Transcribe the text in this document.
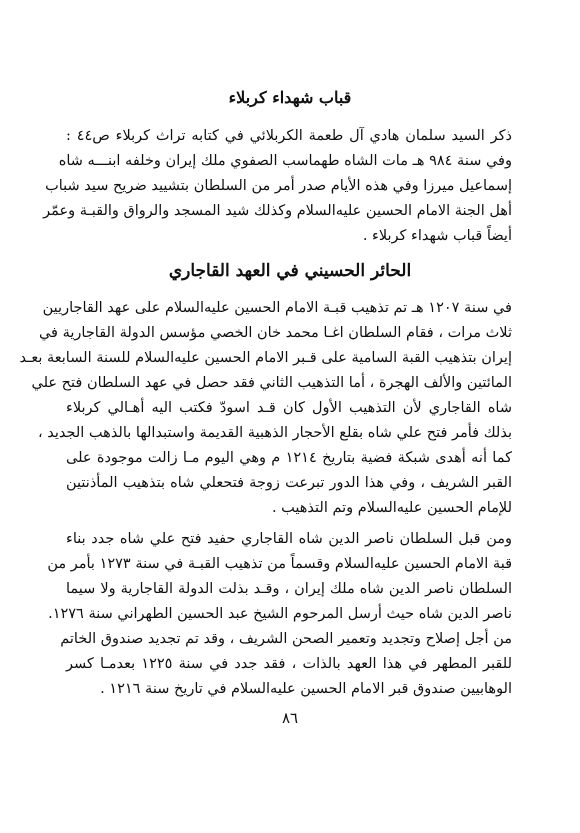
قباب شهداء كربلاء
ذكر السيد سلمان هادي آل طعمة الكربلائي في كتابه تراث كربلاء ص٤٤ :
وفي سنة ٩٨٤ هـ مات الشاه طهماسب الصفوي ملك إيران وخلفه ابنـــه شاه
إسماعيل ميرزا وفي هذه الأيام صدر أمر من السلطان بتشييد ضريح سيد شباب
أهل الجنة الامام الحسين عليه‌السلام وكذلك شيد المسجد والرواق والقبـة وعمّر
أيضاً قباب شهداء كربلاء .
الحائر الحسيني في العهد القاجاري
في سنة ١٢٠٧ هـ تم تذهيب قبـة الامام الحسين عليه‌السلام على عهد القاجاريين
ثلاث مرات ، فقام السلطان اغـا محمد خان الخصي مؤسس الدولة القاجارية في
إيران بتذهيب القبة السامية على قـبر الامام الحسين عليه‌السلام للسنة السابعة بعـد
المائتين والألف الهجرة ، أما التذهيب الثاني فقد حصل في عهد السلطان فتح علي
شاه القاجاري لأن التذهيب الأول كان قـد اسودّ فكتب اليه أهـالي كربلاء
بذلك فأمر فتح علي شاه بقلع الأحجار الذهبية القديمة واستبدالها بالذهب الجديد ،
كما أنه أهدى شبكة فضية بتاريخ ١٢١٤ م وهي اليوم مـا زالت موجودة على
القبر الشريف ، وفي هذا الدور تبرعت زوجة فتحعلي شاه بتذهيب المأذنتين
للإمام الحسين عليه‌السلام وتم التذهيب .
ومن قبل السلطان ناصر الدين شاه القاجاري حفيد فتح علي شاه جدد بناء
قبة الامام الحسين عليه‌السلام وقسماً من تذهيب القبـة في سنة ١٢٧٣ بأمر من
السلطان ناصر الدين شاه ملك إيران ، وقـد بذلت الدولة القاجارية ولا سيما
ناصر الدين شاه حيث أرسل المرحوم الشيخ عبد الحسين الطهراني سنة ١٢٧٦.
من أجل إصلاح وتجديد وتعمير الصحن الشريف ، وقد تم تجديد صندوق الخاتم
للقبر المطهر في هذا العهد بالذات ، فقد جدد في سنة ١٢٢٥ بعدمـا كسر
الوهابيين صندوق قبر الامام الحسين عليه‌السلام في تاريخ سنة ١٢١٦ .
٨٦
